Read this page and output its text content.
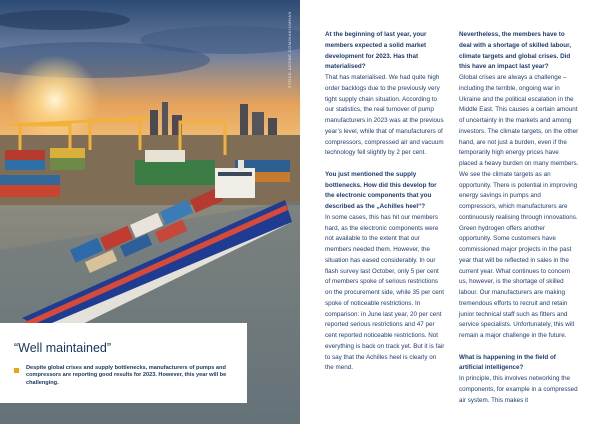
STOCK.ADOBE.COM/HAKINMHAN
“Well maintained”

Despite global crises and supply bottlenecks, manufacturers of pumps and compressors are reporting good results for 2023. However, this year will be challenging.

At the beginning of last year, your members expected a solid market development for 2023. Has that materialised?

That has materialised. We had quite high order backlogs due to the previously very tight supply chain situation. According to our statistics, the real turnover of pump manufacturers in 2023 was at the previous year’s level, while that of manufacturers of compressors, compressed air and vacuum technology fell slightly by 2 per cent.

You just mentioned the supply bottlenecks. How did this develop for the electronic components that you described as the „Achilles heel“?

In some cases, this has hit our members hard, as the electronic components were not available to the extent that our members needed them. However, the situation has eased considerably. In our flash survey last October, only 5 per cent of members spoke of serious restrictions on the procurement side, while 35 per cent spoke of noticeable restrictions. In comparison: in June last year, 20 per cent reported serious restrictions and 47 per cent reported noticeable restrictions. Not everything is back on track yet. But it is fair to say that the Achilles heel is clearly on the mend.

Nevertheless, the members have to deal with a shortage of skilled labour, climate targets and global crises. Did this have an impact last year?

Global crises are always a challenge – including the terrible, ongoing war in Ukraine and the political escalation in the Middle East. This causes a certain amount of uncertainty in the markets and among investors. The climate targets, on the other hand, are not just a burden, even if the temporarily high energy prices have placed a heavy burden on many members. We see the climate targets as an opportunity. There is potential in improving energy savings in pumps and compressors, which manufacturers are continuously realising through innovations. Green hydrogen offers another opportunity. Some customers have commissioned major projects in the past year that will be reflected in sales in the current year. What continues to concern us, however, is the shortage of skilled labour. Our manufacturers are making tremendous efforts to recruit and retain junior technical staff such as fitters and service specialists. Unfortunately, this will remain a major challenge in the future.

What is happening in the field of artificial intelligence?

In principle, this involves networking the components, for example in a compressed air system. This makes it
